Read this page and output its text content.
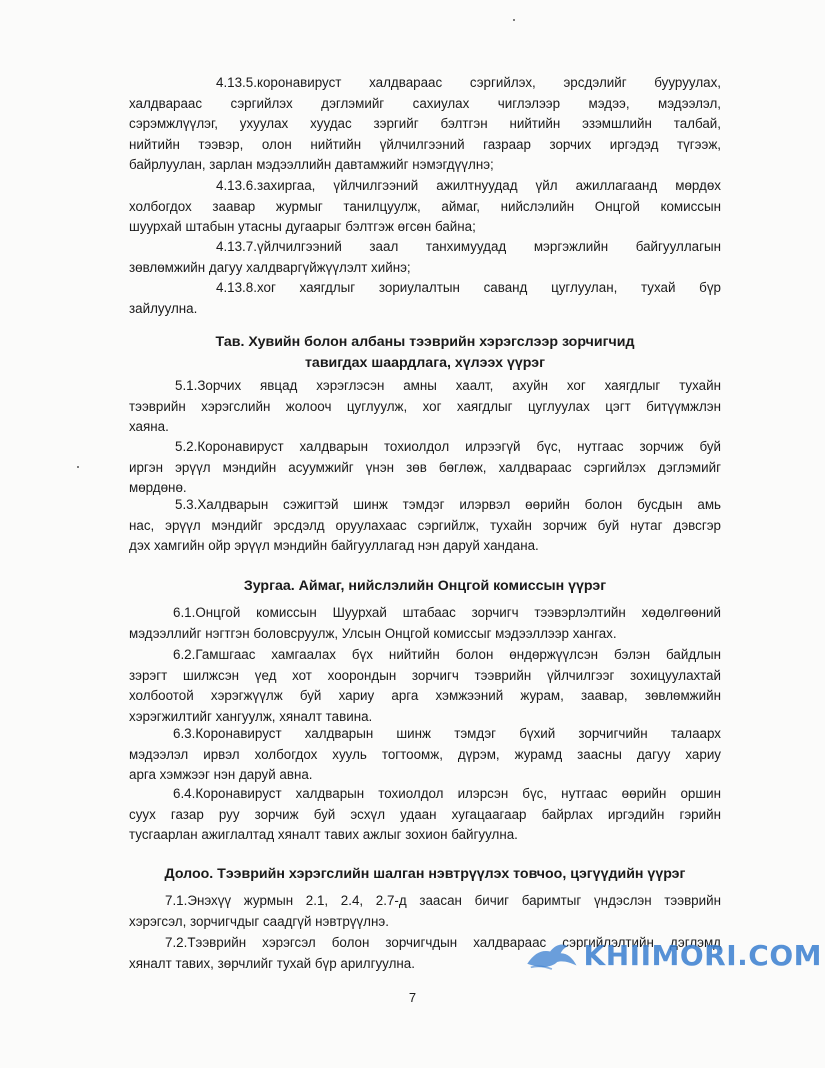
4.13.5.коронавируст халдвараас сэргийлэх, эрсдэлийг бууруулах,
халдвараас сэргийлэх дэглэмийг сахиулах чиглэлээр мэдээ, мэдээлэл,
сэрэмжлүүлэг, ухуулах хуудас зэргийг бэлтгэн нийтийн эзэмшлийн талбай,
нийтийн тээвэр, олон нийтийн үйлчилгээний газраар зорчих иргэдэд түгээж,
байрлуулан, зарлан мэдээллийн давтамжийг нэмэгдүүлнэ;
4.13.6.захиргаа, үйлчилгээний ажилтнуудад үйл ажиллагаанд мөрдөх
холбогдох заавар журмыг танилцуулж, аймаг, нийслэлийн Онцгой комиссын
шуурхай штабын утасны дугаарыг бэлтгэж өгсөн байна;
4.13.7.үйлчилгээний заал танхимуудад мэргэжлийн байгууллагын
зөвлөмжийн дагуу халдваргүйжүүлэлт хийнэ;
4.13.8.хог хаягдлыг зориулалтын саванд цуглуулан, тухай бүр
зайлуулна.
Тав. Хувийн болон албаны тээврийн хэрэгслээр зорчигчид
тавигдах шаардлага, хүлээх үүрэг
5.1.Зорчих явцад хэрэглэсэн амны хаалт, ахуйн хог хаягдлыг тухайн
тээврийн хэрэгслийн жолооч цуглуулж, хог хаягдлыг цуглуулах цэгт битүүмжлэн
хаяна.
5.2.Коронавируст халдварын тохиолдол илрээгүй бүс, нутгаас зорчиж буй
иргэн эрүүл мэндийн асуумжийг үнэн зөв бөглөж, халдвараас сэргийлэх дэглэмийг
мөрдөнө.
5.3.Халдварын сэжигтэй шинж тэмдэг илэрвэл өөрийн болон бусдын амь
нас, эрүүл мэндийг эрсдэлд оруулахаас сэргийлж, тухайн зорчиж буй нутаг дэвсгэр
дэх хамгийн ойр эрүүл мэндийн байгууллагад нэн даруй хандана.
Зургаа. Аймаг, нийслэлийн Онцгой комиссын үүрэг
6.1.Онцгой комиссын Шуурхай штабаас зорчигч тээвэрлэлтийн хөдөлгөөний
мэдээллийг нэгтгэн боловсруулж, Улсын Онцгой комиссыг мэдээллээр хангах.
6.2.Гамшгаас хамгаалах бүх нийтийн болон өндөржүүлсэн бэлэн байдлын
зэрэгт шилжсэн үед хот хоорондын зорчигч тээврийн үйлчилгээг зохицуулахтай
холбоотой хэрэгжүүлж буй хариу арга хэмжээний журам, заавар, зөвлөмжийн
хэрэгжилтийг хангуулж, хяналт тавина.
6.3.Коронавируст халдварын шинж тэмдэг бүхий зорчигчийн талаарх
мэдээлэл ирвэл холбогдох хууль тогтоомж, дүрэм, журамд заасны дагуу хариу
арга хэмжээг нэн даруй авна.
6.4.Коронавируст халдварын тохиолдол илэрсэн бүс, нутгаас өөрийн оршин
суух газар руу зорчиж буй эсхүл удаан хугацаагаар байрлах иргэдийн гэрийн
тусгаарлан ажиглалтад хяналт тавих ажлыг зохион байгуулна.
Долоо. Тээврийн хэрэгслийн шалган нэвтрүүлэх товчоо, цэгүүдийн үүрэг
7.1.Энэхүү журмын 2.1, 2.4, 2.7-д заасан бичиг баримтыг үндэслэн тээврийн
хэрэгсэл, зорчигчдыг саадгүй нэвтрүүлнэ.
7.2.Тээврийн хэрэгсэл болон зорчигчдын халдвараас сэргийлэлтийн дэглэмд
хяналт тавих, зөрчлийг тухай бүр арилгуулна.	KHIIMORI.COM
7
